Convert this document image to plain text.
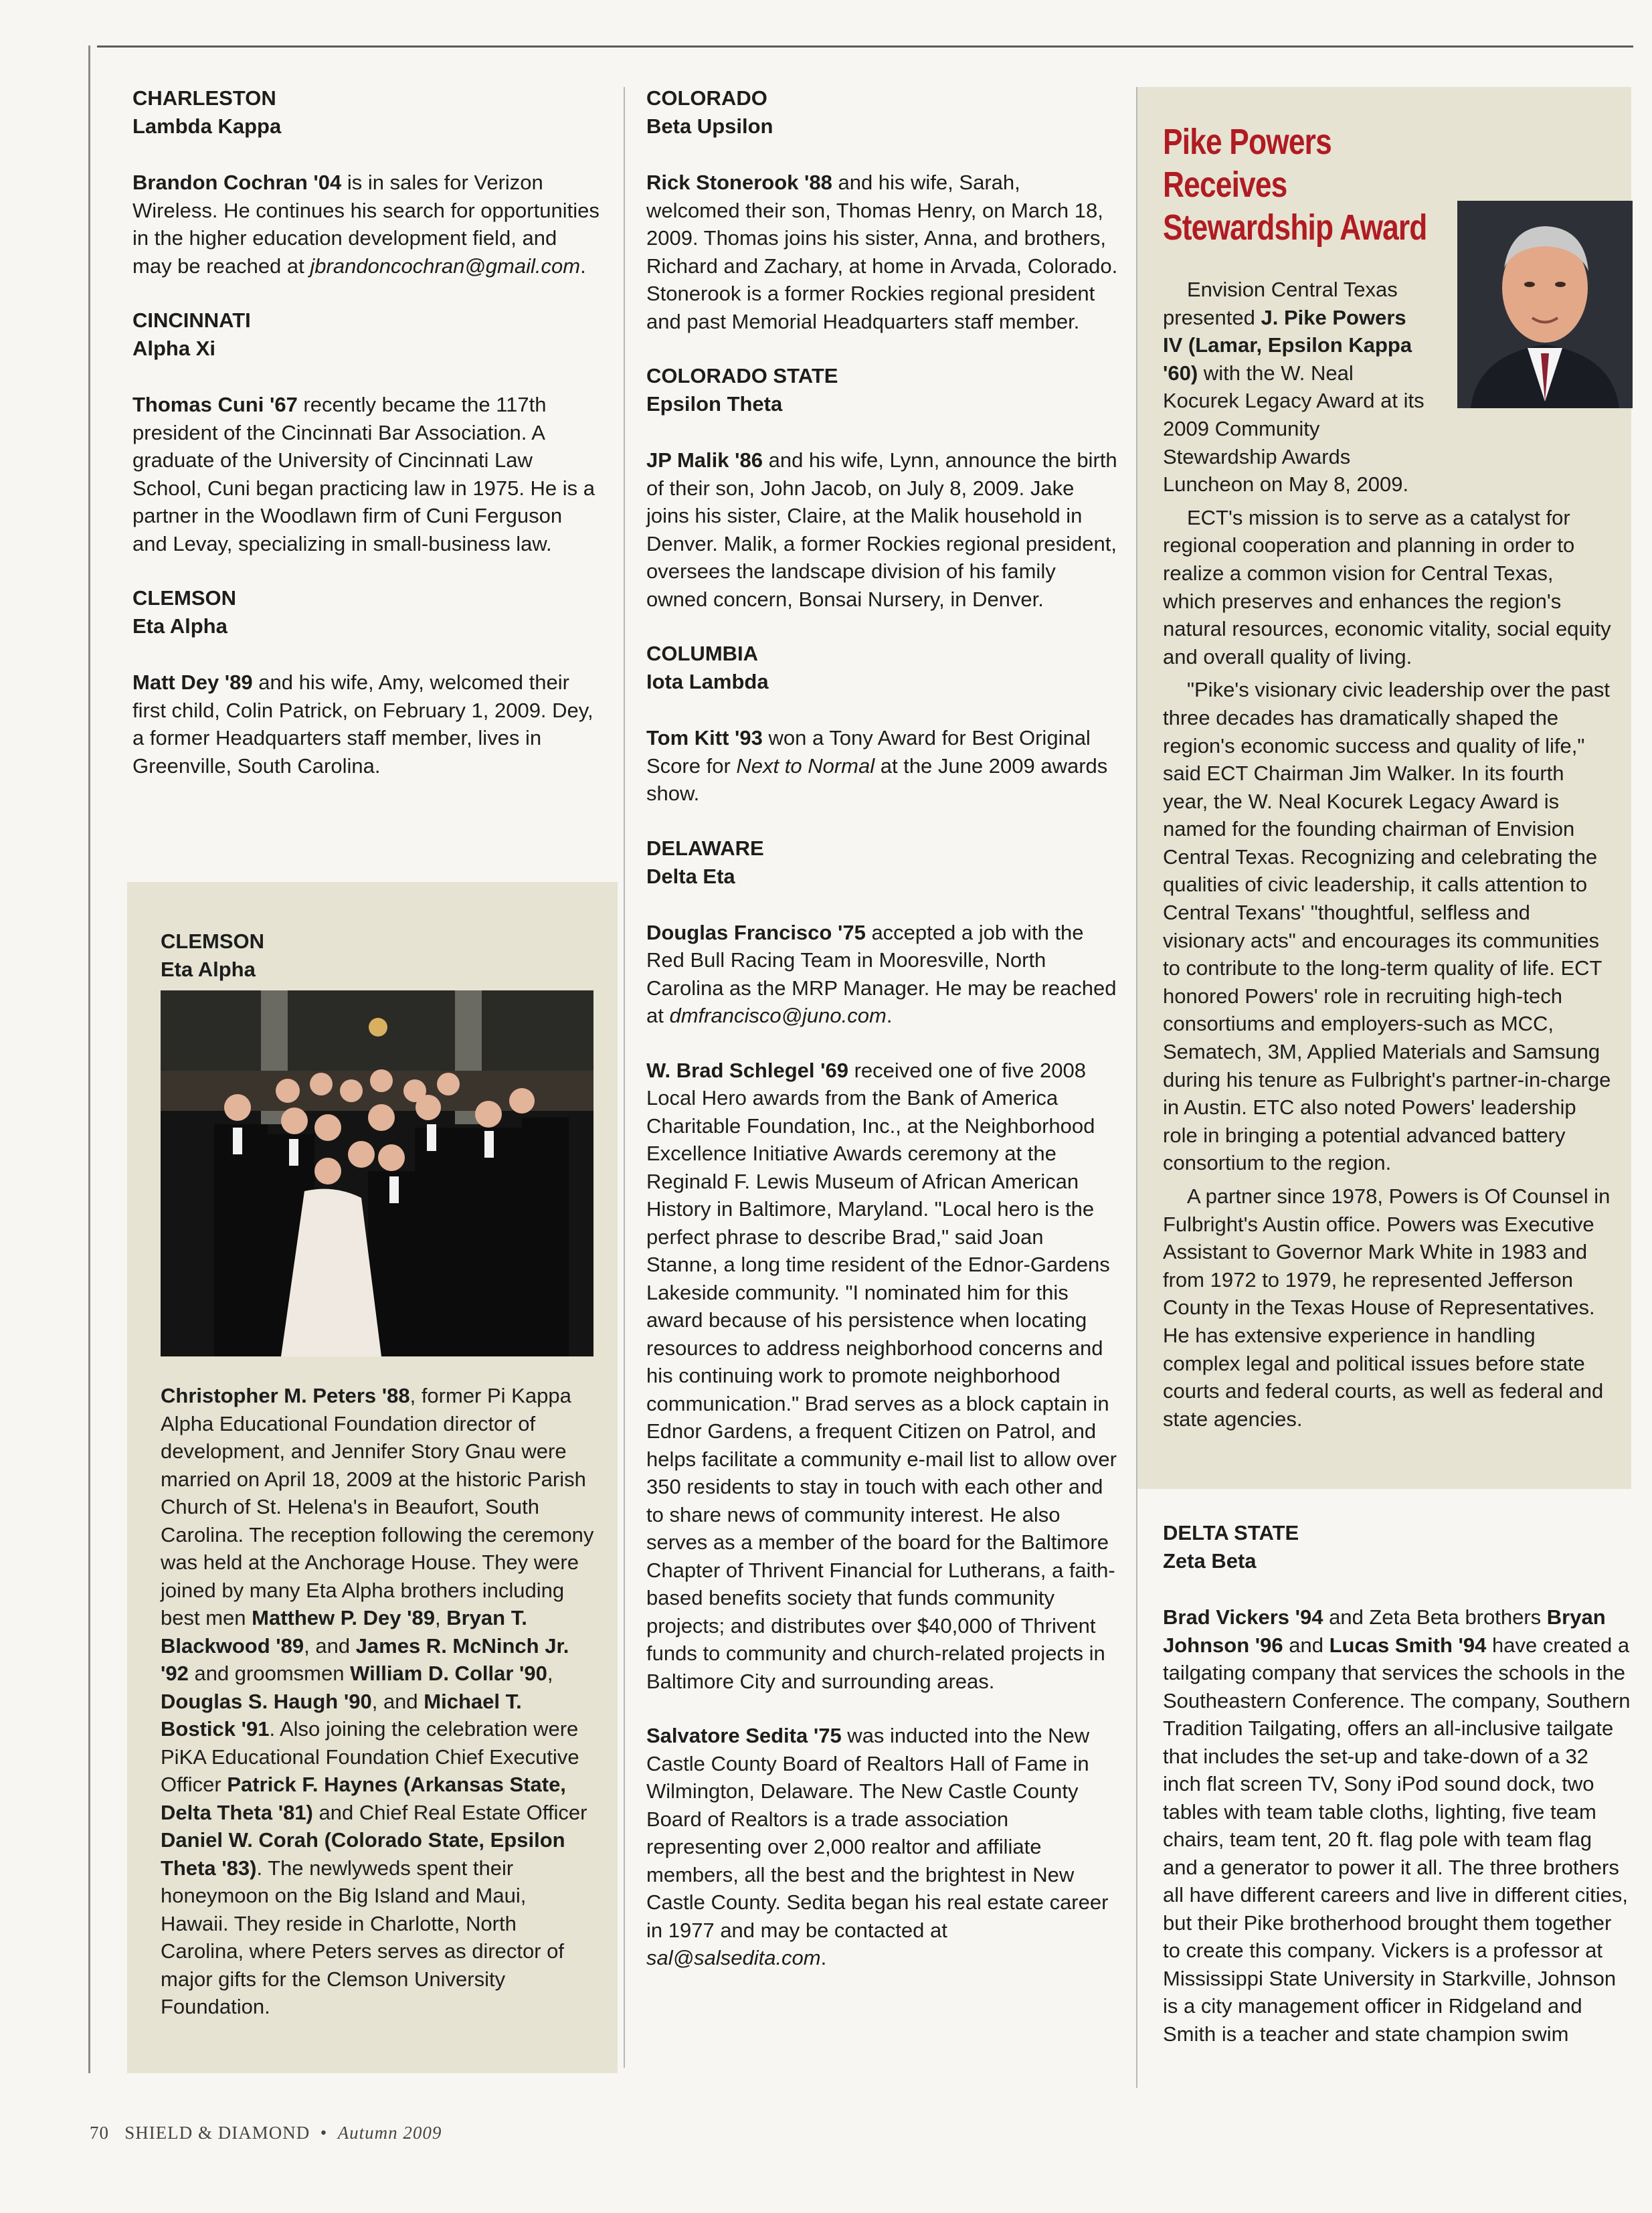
CHARLESTON
Lambda Kappa

Brandon Cochran '04 is in sales for Verizon Wireless. He continues his search for opportunities in the higher education development field, and may be reached at jbrandoncochran@gmail.com.

CINCINNATI
Alpha Xi

Thomas Cuni '67 recently became the 117th president of the Cincinnati Bar Association. A graduate of the University of Cincinnati Law School, Cuni began practicing law in 1975. He is a partner in the Woodlawn firm of Cuni Ferguson and Levay, specializing in small-business law.

CLEMSON
Eta Alpha

Matt Dey '89 and his wife, Amy, welcomed their first child, Colin Patrick, on February 1, 2009. Dey, a former Headquarters staff member, lives in Greenville, South Carolina.

CLEMSON
Eta Alpha

Christopher M. Peters '88, former Pi Kappa Alpha Educational Foundation director of development, and Jennifer Story Gnau were married on April 18, 2009 at the historic Parish Church of St. Helena's in Beaufort, South Carolina. The reception following the ceremony was held at the Anchorage House. They were joined by many Eta Alpha brothers including best men Matthew P. Dey '89, Bryan T. Blackwood '89, and James R. McNinch Jr. '92 and groomsmen William D. Collar '90, Douglas S. Haugh '90, and Michael T. Bostick '91. Also joining the celebration were PiKA Educational Foundation Chief Executive Officer Patrick F. Haynes (Arkansas State, Delta Theta '81) and Chief Real Estate Officer Daniel W. Corah (Colorado State, Epsilon Theta '83). The newlyweds spent their honeymoon on the Big Island and Maui, Hawaii. They reside in Charlotte, North Carolina, where Peters serves as director of major gifts for the Clemson University Foundation.

COLORADO
Beta Upsilon

Rick Stonerook '88 and his wife, Sarah, welcomed their son, Thomas Henry, on March 18, 2009. Thomas joins his sister, Anna, and brothers, Richard and Zachary, at home in Arvada, Colorado. Stonerook is a former Rockies regional president and past Memorial Headquarters staff member.

COLORADO STATE
Epsilon Theta

JP Malik '86 and his wife, Lynn, announce the birth of their son, John Jacob, on July 8, 2009. Jake joins his sister, Claire, at the Malik household in Denver. Malik, a former Rockies regional president, oversees the landscape division of his family owned concern, Bonsai Nursery, in Denver.

COLUMBIA
Iota Lambda

Tom Kitt '93 won a Tony Award for Best Original Score for Next to Normal at the June 2009 awards show.

DELAWARE
Delta Eta

Douglas Francisco '75 accepted a job with the Red Bull Racing Team in Mooresville, North Carolina as the MRP Manager. He may be reached at dmfrancisco@juno.com.

W. Brad Schlegel '69 received one of five 2008 Local Hero awards from the Bank of America Charitable Foundation, Inc., at the Neighborhood Excellence Initiative Awards ceremony at the Reginald F. Lewis Museum of African American History in Baltimore, Maryland. "Local hero is the perfect phrase to describe Brad," said Joan Stanne, a long time resident of the Ednor-Gardens Lakeside community. "I nominated him for this award because of his persistence when locating resources to address neighborhood concerns and his continuing work to promote neighborhood communication." Brad serves as a block captain in Ednor Gardens, a frequent Citizen on Patrol, and helps facilitate a community e-mail list to allow over 350 residents to stay in touch with each other and to share news of community interest. He also serves as a member of the board for the Baltimore Chapter of Thrivent Financial for Lutherans, a faith-based benefits society that funds community projects; and distributes over $40,000 of Thrivent funds to community and church-related projects in Baltimore City and surrounding areas.

Salvatore Sedita '75 was inducted into the New Castle County Board of Realtors Hall of Fame in Wilmington, Delaware. The New Castle County Board of Realtors is a trade association representing over 2,000 realtor and affiliate members, all the best and the brightest in New Castle County. Sedita began his real estate career in 1977 and may be contacted at sal@salsedita.com.

Pike Powers Receives Stewardship Award

Envision Central Texas presented J. Pike Powers IV (Lamar, Epsilon Kappa '60) with the W. Neal Kocurek Legacy Award at its 2009 Community Stewardship Awards Luncheon on May 8, 2009.

ECT's mission is to serve as a catalyst for regional cooperation and planning in order to realize a common vision for Central Texas, which preserves and enhances the region's natural resources, economic vitality, social equity and overall quality of living.

"Pike's visionary civic leadership over the past three decades has dramatically shaped the region's economic success and quality of life," said ECT Chairman Jim Walker. In its fourth year, the W. Neal Kocurek Legacy Award is named for the founding chairman of Envision Central Texas. Recognizing and celebrating the qualities of civic leadership, it calls attention to Central Texans' "thoughtful, selfless and visionary acts" and encourages its communities to contribute to the long-term quality of life. ECT honored Powers' role in recruiting high-tech consortiums and employers-such as MCC, Sematech, 3M, Applied Materials and Samsung during his tenure as Fulbright's partner-in-charge in Austin. ETC also noted Powers' leadership role in bringing a potential advanced battery consortium to the region.

A partner since 1978, Powers is Of Counsel in Fulbright's Austin office. Powers was Executive Assistant to Governor Mark White in 1983 and from 1972 to 1979, he represented Jefferson County in the Texas House of Representatives. He has extensive experience in handling complex legal and political issues before state courts and federal courts, as well as federal and state agencies.

DELTA STATE
Zeta Beta

Brad Vickers '94 and Zeta Beta brothers Bryan Johnson '96 and Lucas Smith '94 have created a tailgating company that services the schools in the Southeastern Conference. The company, Southern Tradition Tailgating, offers an all-inclusive tailgate that includes the set-up and take-down of a 32 inch flat screen TV, Sony iPod sound dock, two tables with team table cloths, lighting, five team chairs, team tent, 20 ft. flag pole with team flag and a generator to power it all. The three brothers all have different careers and live in different cities, but their Pike brotherhood brought them together to create this company. Vickers is a professor at Mississippi State University in Starkville, Johnson is a city management officer in Ridgeland and Smith is a teacher and state champion swim

70 SHIELD & DIAMOND • Autumn 2009
